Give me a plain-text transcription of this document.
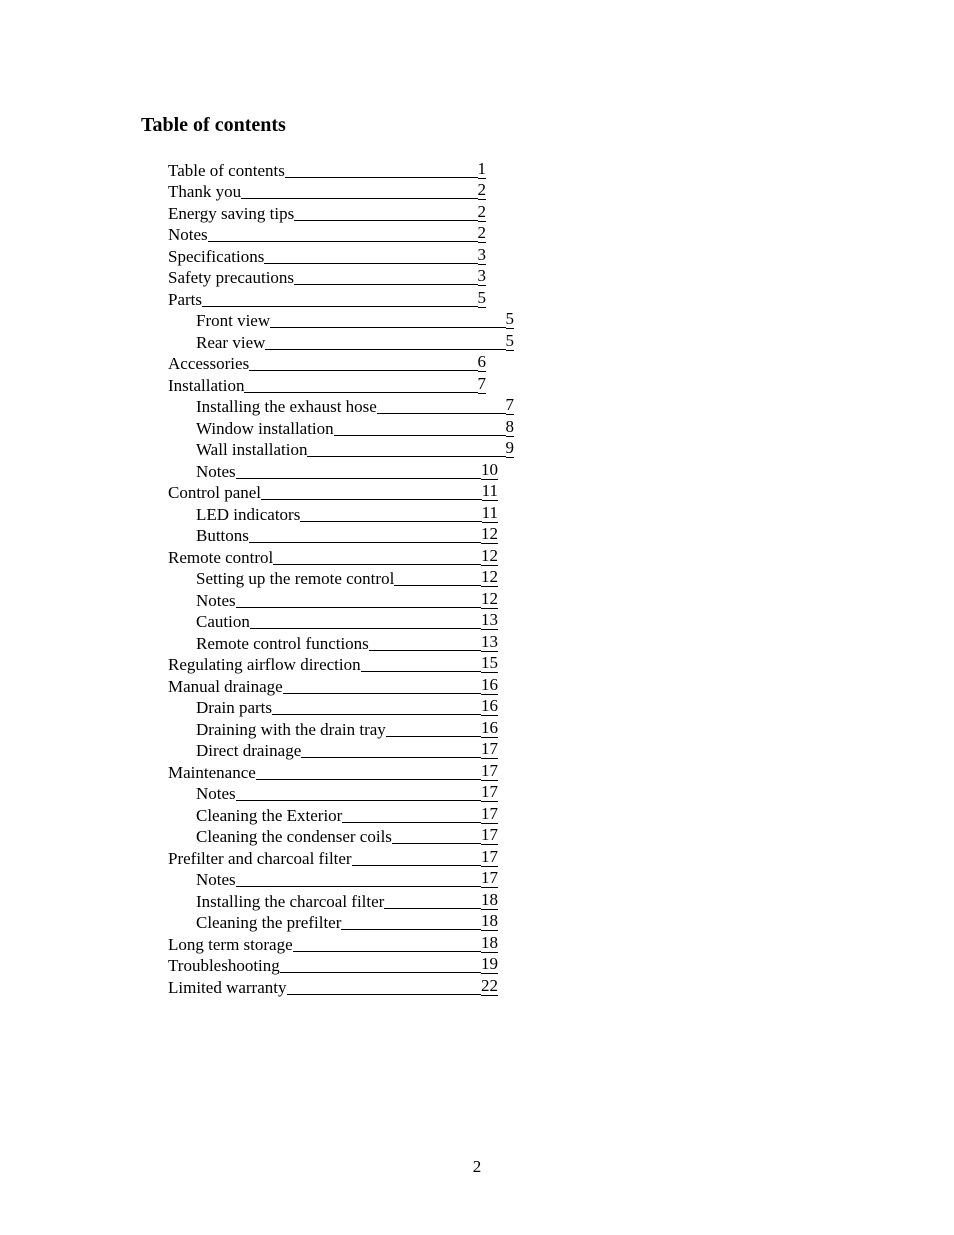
Table of contents
Table of contents	1
Thank you	2
Energy saving tips	2
Notes	2
Specifications	3
Safety precautions	3
Parts	5
Front view	5
Rear view	5
Accessories	6
Installation	7
Installing the exhaust hose	7
Window installation	8
Wall installation	9
Notes	10
Control panel	11
LED indicators	11
Buttons	12
Remote control	12
Setting up the remote control	12
Notes	12
Caution	13
Remote control functions	13
Regulating airflow direction	15
Manual drainage	16
Drain parts	16
Draining with the drain tray	16
Direct drainage	17
Maintenance	17
Notes	17
Cleaning the Exterior	17
Cleaning the condenser coils	17
Prefilter and charcoal filter	17
Notes	17
Installing the charcoal filter	18
Cleaning the prefilter	18
Long term storage	18
Troubleshooting	19
Limited warranty	22
2
